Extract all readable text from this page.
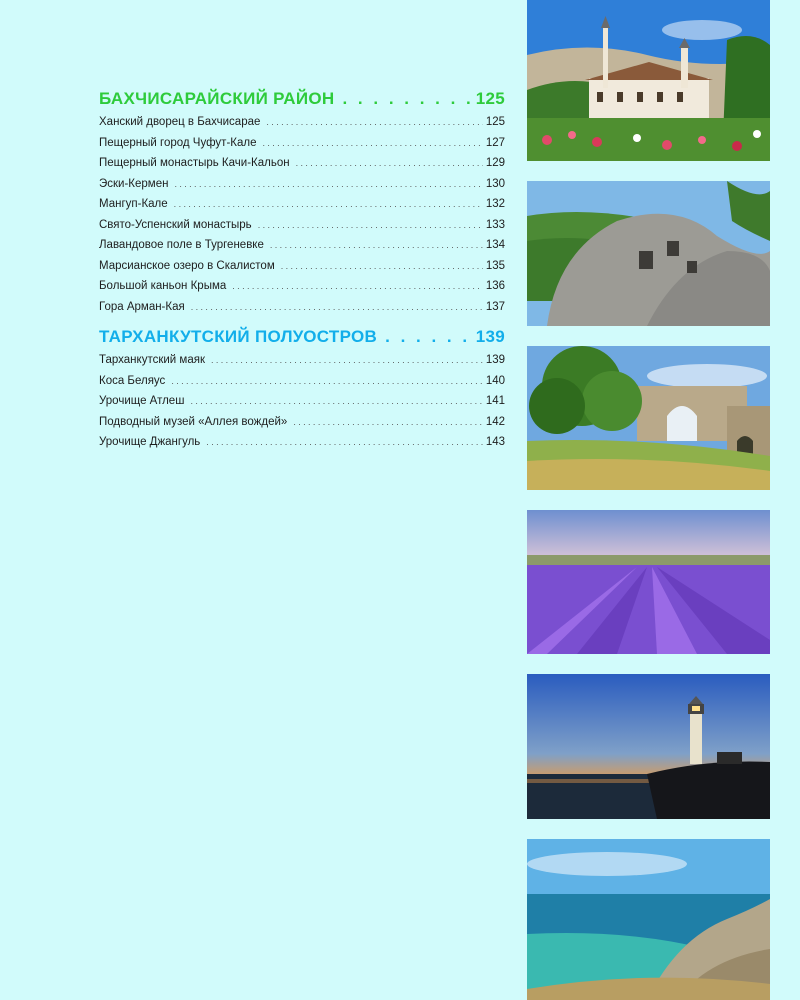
БАХЧИСАРАЙСКИЙ РАЙОН . . .	125
Ханский дворец в Бахчисарае .....	125
Пещерный город Чуфут-Кале .....	127
Пещерный монастырь Качи-Кальон .....	129
Эски-Кермен .....	130
Мангуп-Кале .....	132
Свято-Успенский монастырь .....	133
Лавандовое поле в Тургеневке .....	134
Марсианское озеро в Скалистом .....	135
Большой каньон Крыма .....	136
Гора Арман-Кая .....	137
ТАРХАНКУТСКИЙ ПОЛУОСТРОВ . . .	139
Тарханкутский маяк .....	139
Коса Беляус .....	140
Урочище Атлеш .....	141
Подводный музей «Аллея вождей» .....	142
Урочище Джангуль .....	143
